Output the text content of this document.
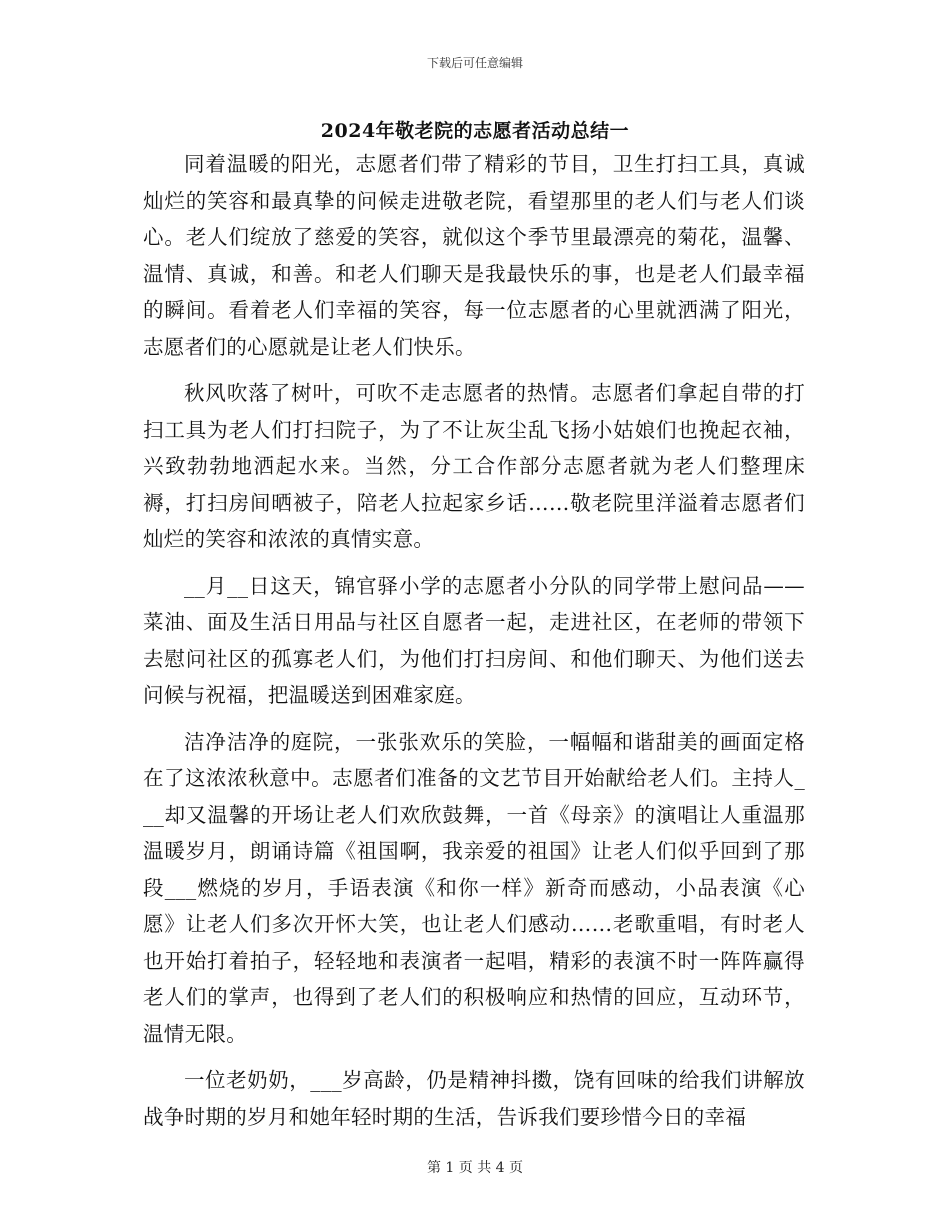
下载后可任意编辑
2024年敬老院的志愿者活动总结一

同着温暖的阳光，志愿者们带了精彩的节目，卫生打扫工具，真诚灿烂的笑容和最真挚的问候走进敬老院，看望那里的老人们与老人们谈心。老人们绽放了慈爱的笑容，就似这个季节里最漂亮的菊花，温馨、温情、真诚，和善。和老人们聊天是我最快乐的事，也是老人们最幸福的瞬间。看着老人们幸福的笑容，每一位志愿者的心里就洒满了阳光，志愿者们的心愿就是让老人们快乐。

秋风吹落了树叶，可吹不走志愿者的热情。志愿者们拿起自带的打扫工具为老人们打扫院子，为了不让灰尘乱飞扬小姑娘们也挽起衣袖，兴致勃勃地洒起水来。当然，分工合作部分志愿者就为老人们整理床褥，打扫房间晒被子，陪老人拉起家乡话……敬老院里洋溢着志愿者们灿烂的笑容和浓浓的真情实意。

__月__日这天，锦官驿小学的志愿者小分队的同学带上慰问品——菜油、面及生活日用品与社区自愿者一起，走进社区，在老师的带领下去慰问社区的孤寡老人们，为他们打扫房间、和他们聊天、为他们送去问候与祝福，把温暖送到困难家庭。

洁净洁净的庭院，一张张欢乐的笑脸，一幅幅和谐甜美的画面定格在了这浓浓秋意中。志愿者们准备的文艺节目开始献给老人们。主持人___却又温馨的开场让老人们欢欣鼓舞，一首《母亲》的演唱让人重温那温暖岁月，朗诵诗篇《祖国啊，我亲爱的祖国》让老人们似乎回到了那段___燃烧的岁月，手语表演《和你一样》新奇而感动，小品表演《心愿》让老人们多次开怀大笑，也让老人们感动……老歌重唱，有时老人也开始打着拍子，轻轻地和表演者一起唱，精彩的表演不时一阵阵赢得老人们的掌声，也得到了老人们的积极响应和热情的回应，互动环节，温情无限。

一位老奶奶，___岁高龄，仍是精神抖擞，饶有回味的给我们讲解放战争时期的岁月和她年轻时期的生活，告诉我们要珍惜今日的幸福

第 1 页 共 4 页
